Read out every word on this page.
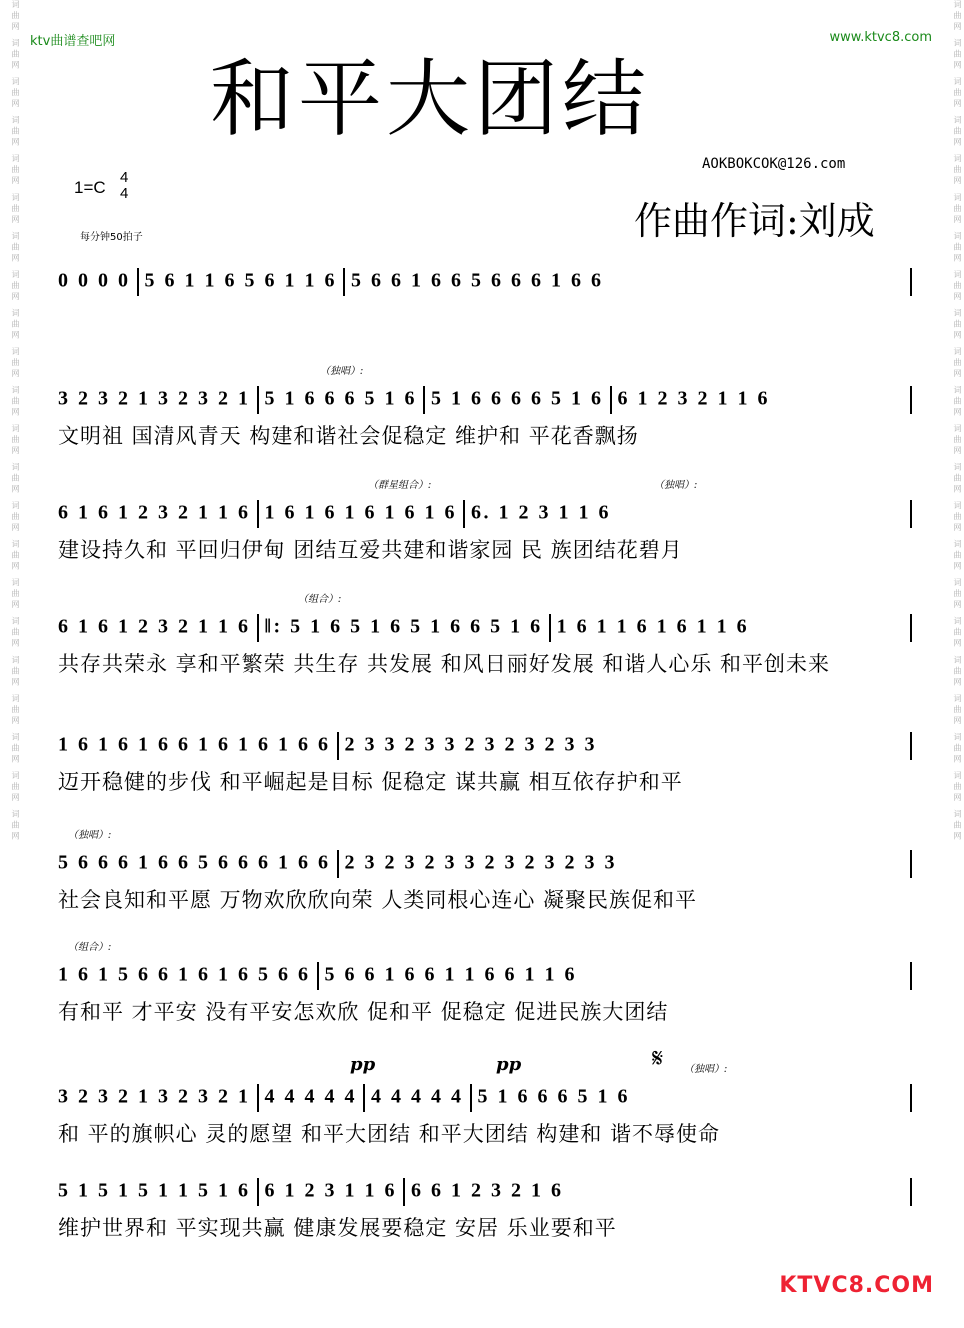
词曲网 词曲网 词曲网 词曲网 词曲网 词曲网 词曲网 词曲网 词曲网 词曲网 词曲网 词曲网 词曲网 词曲网 词曲网 词曲网 词曲网 词曲网 词曲网 词曲网 词曲网 词曲网	词曲网 词曲网 词曲网 词曲网 词曲网 词曲网 词曲网 词曲网 词曲网 词曲网 词曲网 词曲网 词曲网 词曲网 词曲网 词曲网 词曲网 词曲网 词曲网 词曲网 词曲网 词曲网
ktv曲谱查吧网	www.ktvc8.com
和平大团结
AOKBOKCOK@126.com
作曲作词:刘成
1=C
4
4
每分钟50拍子
0 0 0 0 5 6 1 1 6 5 6 1 1 6 5 6 6 1 6 6 5 6 6 6 1 6 6
3 2 3 2 1 3 2 3 2 1 5 1 6 6 6 5 1 6 5 1 6 6 6 6 5 1 6 6 1 2 3 2 1 1 6
文明祖 国清风青天 构建和谐社会促稳定 维护和 平花香飘扬
（独唱）:
6 1 6 1 2 3 2 1 1 6 1 6 1 6 1 6 1 6 1 6 6. 1 2 3 1 1 6
建设持久和 平回归伊甸 团结互爱共建和谐家园 民 族团结花碧月
（群星组合）:	（独唱）:
6 1 6 1 2 3 2 1 1 6 ‖: 5 1 6 5 1 6 5 1 6 6 5 1 6 1 6 1 1 6 1 6 1 1 6
共存共荣永 享和平繁荣 共生存 共发展 和风日丽好发展 和谐人心乐 和平创未来
（组合）:
1 6 1 6 1 6 6 1 6 1 6 1 6 6 2 3 3 2 3 3 2 3 2 3 2 3 3
迈开稳健的步伐 和平崛起是目标 促稳定 谋共赢 相互依存护和平
5 6 6 6 1 6 6 5 6 6 6 1 6 6 2 3 2 3 2 3 3 2 3 2 3 2 3 3
社会良知和平愿 万物欢欣欣向荣 人类同根心连心 凝聚民族促和平
（独唱）:
1 6 1 5 6 6 1 6 1 6 5 6 6 5 6 6 1 6 6 1 1 6 6 1 1 6
有和平 才平安 没有平安怎欢欣 促和平 促稳定 促进民族大团结
（组合）:
3 2 3 2 1 3 2 3 2 1 4 4 4 4 4 4 4 4 4 4 5 1 6 6 6 5 1 6
和 平的旗帜心 灵的愿望 和平大团结 和平大团结 构建和 谐不辱使命
（独唱）:
pp	pp	𝄋
5 1 5 1 5 1 1 5 1 6 6 1 2 3 1 1 6 6 6 1 2 3 2 1 6
维护世界和 平实现共赢 健康发展要稳定 安居 乐业要和平
KTVC8.COM
